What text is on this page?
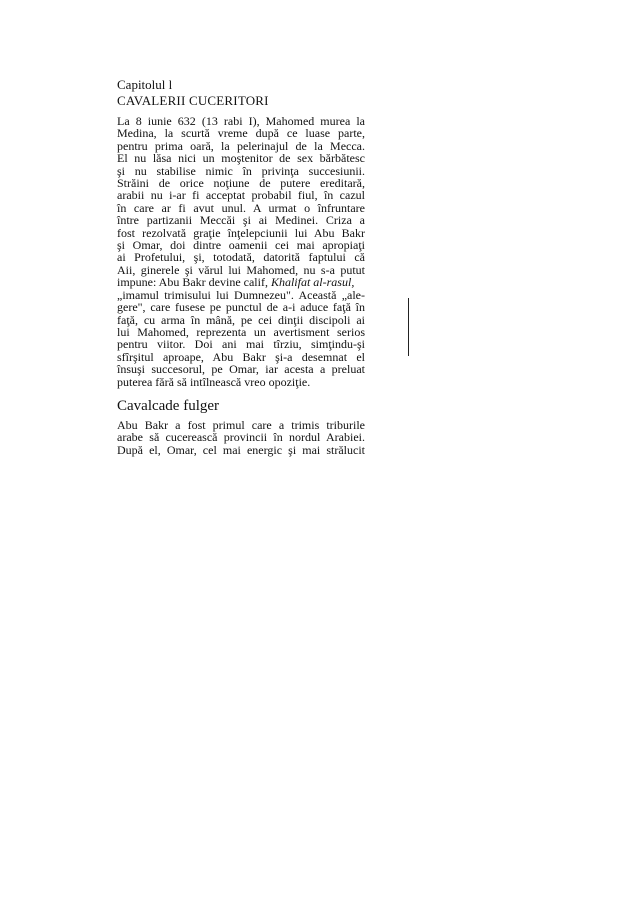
Capitolul l

CAVALERII CUCERITORI

La 8 iunie 632 (13 rabi I), Mahomed murea la
Medina, la scurtă vreme după ce luase parte,
pentru prima oară, la pelerinajul de la Mecca.
El nu lăsa nici un moştenitor de sex bărbătesc
şi nu stabilise nimic în privinţa succesiunii.
Străini de orice noţiune de putere ereditară,
arabii nu i-ar fi acceptat probabil fiul, în cazul
în care ar fi avut unul. A urmat o înfruntare
între partizanii Meccăi şi ai Medinei. Criza a
fost rezolvată graţie înţelepciunii lui Abu Bakr
şi Omar, doi dintre oamenii cei mai apropiaţi
ai Profetului, şi, totodată, datorită faptului că
Aii, ginerele şi vărul lui Mahomed, nu s-a putut
impune: Abu Bakr devine calif, Khalifat al-rasul,
„imamul trimisului lui Dumnezeu". Această „ale-
gere", care fusese pe punctul de a-i aduce faţă în
faţă, cu arma în mână, pe cei dinţii discipoli ai
lui Mahomed, reprezenta un avertisment serios
pentru viitor. Doi ani mai tîrziu, simţindu-şi
sfîrşitul aproape, Abu Bakr şi-a desemnat el
însuşi succesorul, pe Omar, iar acesta a preluat
puterea fără să intîlnească vreo opoziţie.
Cavalcade fulger
Abu Bakr a fost primul care a trimis triburile
arabe să cucerească provincii în nordul Arabiei.
După el, Omar, cel mai energic şi mai strălucit
